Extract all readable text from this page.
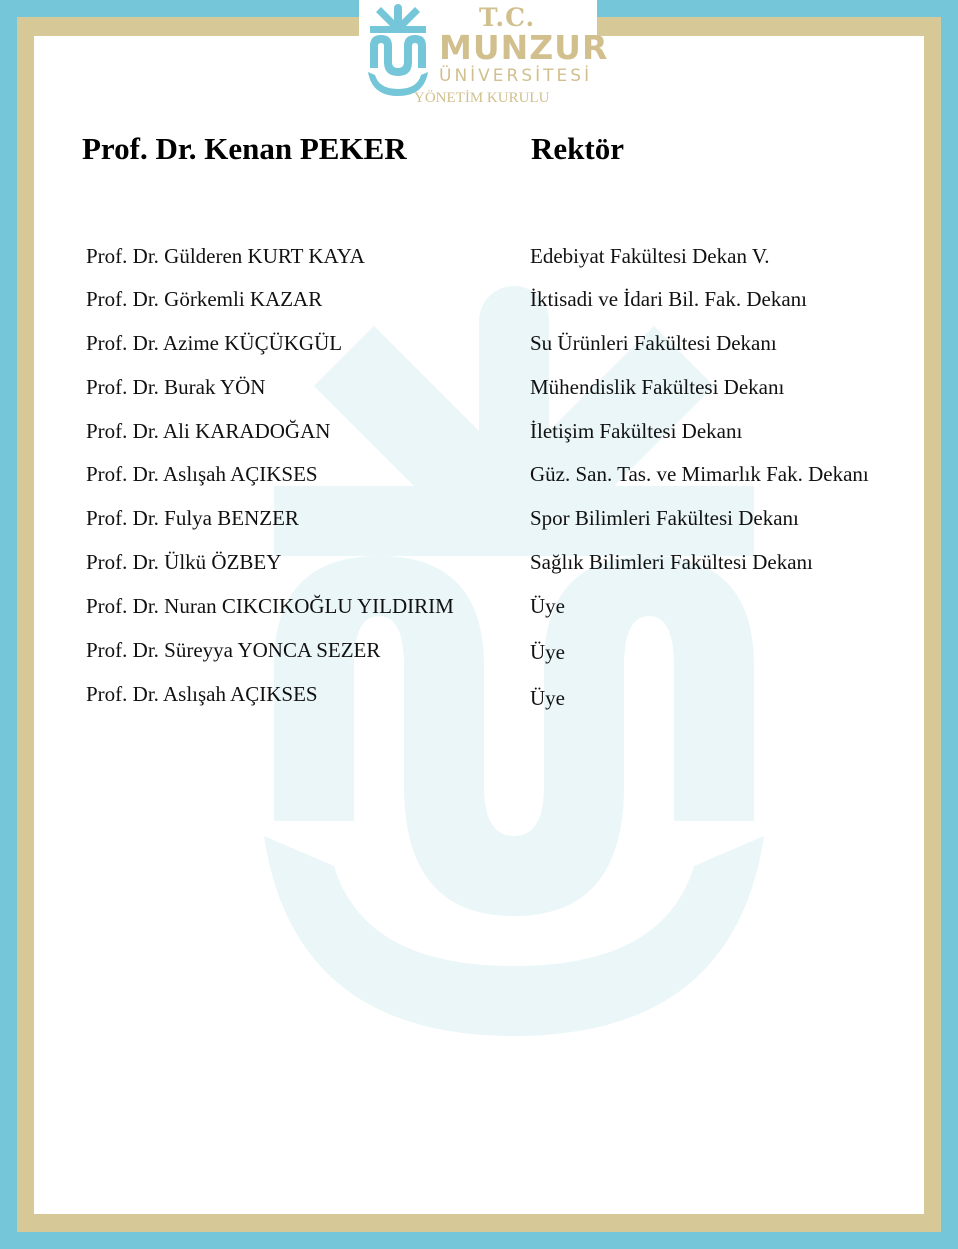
T.C.
MUNZUR
ÜNİVERSİTESİ
YÖNETİM KURULU
Prof. Dr. Kenan PEKER	Rektör
Prof. Dr. Gülderen KURT KAYA	Edebiyat Fakültesi Dekan V.
Prof. Dr. Görkemli KAZAR	İktisadi ve İdari Bil. Fak. Dekanı
Prof. Dr. Azime KÜÇÜKGÜL	Su Ürünleri Fakültesi Dekanı
Prof. Dr. Burak YÖN	Mühendislik Fakültesi Dekanı
Prof. Dr. Ali KARADOĞAN	İletişim Fakültesi Dekanı
Prof. Dr. Aslışah AÇIKSES	Güz. San. Tas. ve Mimarlık Fak. Dekanı
Prof. Dr. Fulya BENZER	Spor Bilimleri Fakültesi Dekanı
Prof. Dr. Ülkü ÖZBEY	Sağlık Bilimleri Fakültesi Dekanı
Prof. Dr. Nuran CIKCIKOĞLU YILDIRIM	Üye
Prof. Dr. Süreyya YONCA SEZER	Üye
Prof. Dr. Aslışah AÇIKSES	Üye
